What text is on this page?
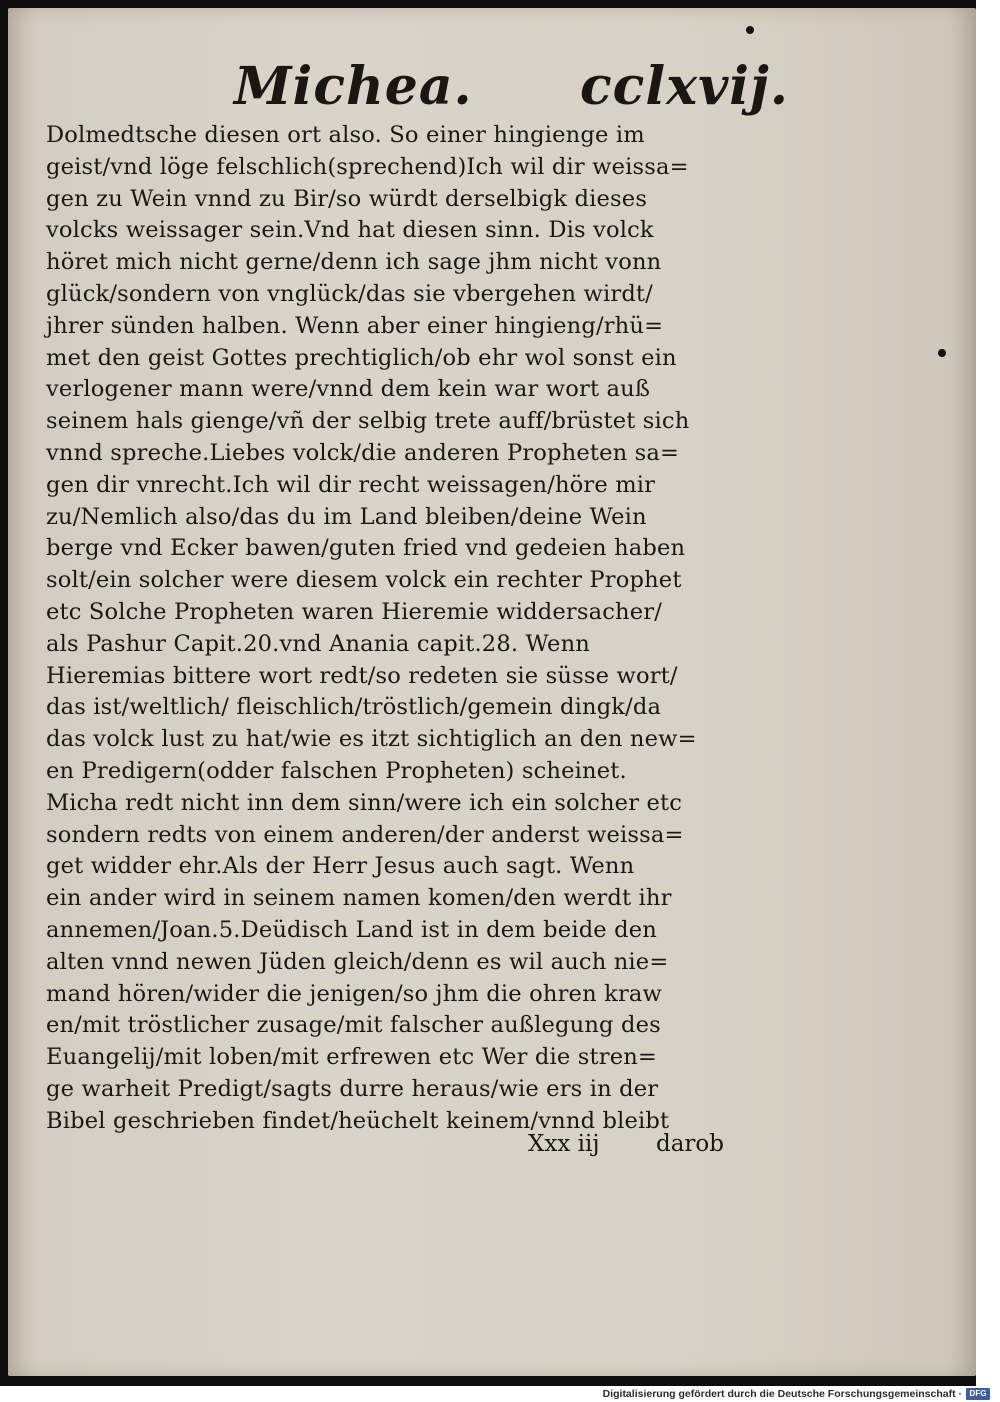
Michea. cclxvij.
Dolmedtsche diesen ort also. So einer hingienge im
geist/vnd löge felschlich(sprechend)Ich wil dir weissa=
gen zu Wein vnnd zu Bir/so würdt derselbigk dieses
volcks weissager sein.Vnd hat diesen sinn. Dis volck
höret mich nicht gerne/denn ich sage jhm nicht vonn
glück/sondern von vnglück/das sie vbergehen wirdt/
jhrer sünden halben. Wenn aber einer hingieng/rhü=
met den geist Gottes prechtiglich/ob ehr wol sonst ein
verlogener mann were/vnnd dem kein war wort auß
seinem hals gienge/vñ der selbig trete auff/brüstet sich
vnnd spreche.Liebes volck/die anderen Propheten sa=
gen dir vnrecht.Ich wil dir recht weissagen/höre mir
zu/Nemlich also/das du im Land bleiben/deine Wein
berge vnd Ecker bawen/guten fried vnd gedeien haben
solt/ein solcher were diesem volck ein rechter Prophet
etc Solche Propheten waren Hieremie widdersacher/
als Pashur Capit.20.vnd Anania capit.28. Wenn
Hieremias bittere wort redt/so redeten sie süsse wort/
das ist/weltlich/ fleischlich/tröstlich/gemein dingk/da
das volck lust zu hat/wie es itzt sichtiglich an den new=
en Predigern(odder falschen Propheten) scheinet.
Micha redt nicht inn dem sinn/were ich ein solcher etc
sondern redts von einem anderen/der anderst weissa=
get widder ehr.Als der Herr Jesus auch sagt. Wenn
ein ander wird in seinem namen komen/den werdt ihr
annemen/Joan.5.Deüdisch Land ist in dem beide den
alten vnnd newen Jüden gleich/denn es wil auch nie=
mand hören/wider die jenigen/so jhm die ohren kraw
en/mit tröstlicher zusage/mit falscher außlegung des
Euangelij/mit loben/mit erfrewen etc Wer die stren=
ge warheit Predigt/sagts durre heraus/wie ers in der
Bibel geschrieben findet/heüchelt keinem/vnnd bleibt
Xxx iij darob
Digitalisierung gefördert durch die Deutsche Forschungsgemeinschaft · DFG
